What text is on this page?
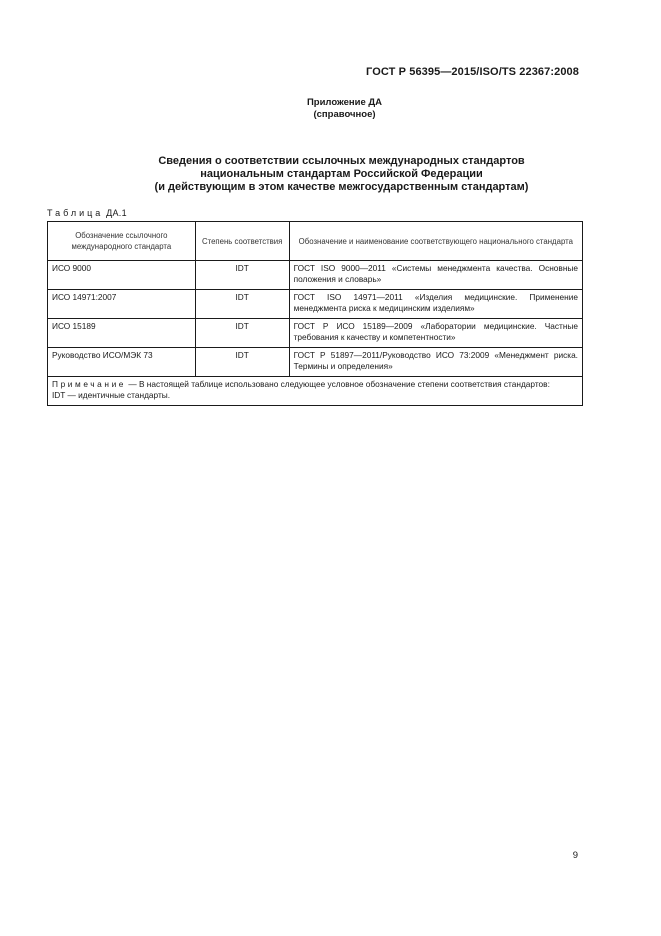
ГОСТ Р 56395—2015/ISO/TS 22367:2008
Приложение ДА
(справочное)
Сведения о соответствии ссылочных международных стандартов
национальным стандартам Российской Федерации
(и действующим в этом качестве межгосударственным стандартам)
Таблица ДА.1
Обозначение ссылочного международного стандарта	Степень соответствия	Обозначение и наименование соответствующего национального стандарта
ИСО 9000	IDT	ГОСТ ISO 9000—2011 «Системы менеджмента качества. Основные положения и словарь»
ИСО 14971:2007	IDT	ГОСТ ISO 14971—2011 «Изделия медицинские. Применение менеджмента риска к медицинским изделиям»
ИСО 15189	IDT	ГОСТ Р ИСО 15189—2009 «Лаборатории медицинские. Частные требования к качеству и компетентности»
Руководство ИСО/МЭК 73	IDT	ГОСТ Р 51897—2011/Руководство ИСО 73:2009 «Менеджмент риска. Термины и определения»

Примечание — В настоящей таблице использовано следующее условное обозначение степени соответствия стандартов:
IDT — идентичные стандарты.		
9
